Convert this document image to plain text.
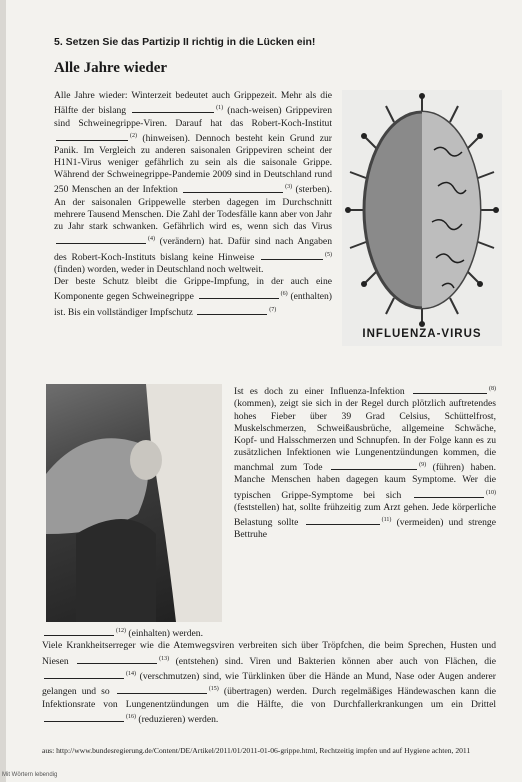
5. Setzen Sie das Partizip II richtig in die Lücken ein!
Alle Jahre wieder
Alle Jahre wieder: Winterzeit bedeutet auch Grippezeit. Mehr als die Hälfte der bislang	$^{(1)}$ (nach-weisen) Grippeviren sind Schweinegrippe-Viren. Darauf hat das Robert-Koch-Institut $^{(2)}$ (hinweisen). Dennoch besteht kein Grund zur Panik. Im Vergleich zu anderen saisonalen Grippeviren scheint der H1N1-Virus weniger gefährlich zu sein als die saisonale Grippe. Während der Schweinegrippe-Pandemie 2009 sind in Deutschland rund 250 Menschen an der Infektion	$^{(3)}$ (sterben). An der saisonalen Grippewelle sterben dagegen im Durchschnitt mehrere Tausend Menschen. Die Zahl der Todesfälle kann aber von Jahr zu Jahr stark schwanken. Gefährlich wird es, wenn sich das Virus $^{(4)}$ (verändern) hat. Dafür sind nach Angaben des Robert-Koch-Instituts bislang keine Hinweise	$^{(5)}$ (finden) worden, weder in Deutschland noch weltweit.
Der beste Schutz bleibt die Grippe-Impfung, in der auch eine Komponente gegen Schweinegrippe	$^{(6)}$ (enthalten) ist. Bis ein vollständiger Impfschutz	$^{(7)}$
INFLUENZA-VIRUS
Ist es doch zu einer Influenza-Infektion	$^{(8)}$ (kommen), zeigt sie sich in der Regel durch plötzlich auftretendes hohes Fieber über 39 Grad Celsius, Schüttelfrost, Muskelschmerzen, Schweißausbrüche, allgemeine Schwäche, Kopf- und Halsschmerzen und Schnupfen. In der Folge kann es zu zusätzlichen Infektionen wie Lungenentzündungen kommen, die manchmal zum Tode	$^{(9)}$ (führen) haben. Manche Menschen haben dagegen kaum Symptome. Wer die typischen Grippe-Symptome bei sich	$^{(10)}$ (feststellen) hat, sollte frühzeitig zum Arzt gehen. Jede körperliche Belastung sollte	$^{(11)}$ (vermeiden) und strenge Bettruhe
$^{(12)}$ (einhalten) werden.
Viele Krankheitserreger wie die Atemwegsviren verbreiten sich über Tröpfchen, die beim Sprechen, Husten und Niesen	$^{(13)}$ (entstehen) sind. Viren und Bakterien können aber auch von Flächen, die $^{(14)}$ (verschmutzen) sind, wie Türklinken über die Hände an Mund, Nase oder Augen anderer gelangen und so	$^{(15)}$ (übertragen) werden. Durch regelmäßiges Händewaschen kann die Infektionsrate von Lungenentzündungen um die Hälfte, die von Durchfallerkrankungen um ein Drittel $^{(16)}$ (reduzieren) werden.
aus: http://www.bundesregierung.de/Content/DE/Artikel/2011/01/2011-01-06-grippe.html, Rechtzeitig impfen und auf Hygiene achten, 2011
Mit Wörtern lebendig
